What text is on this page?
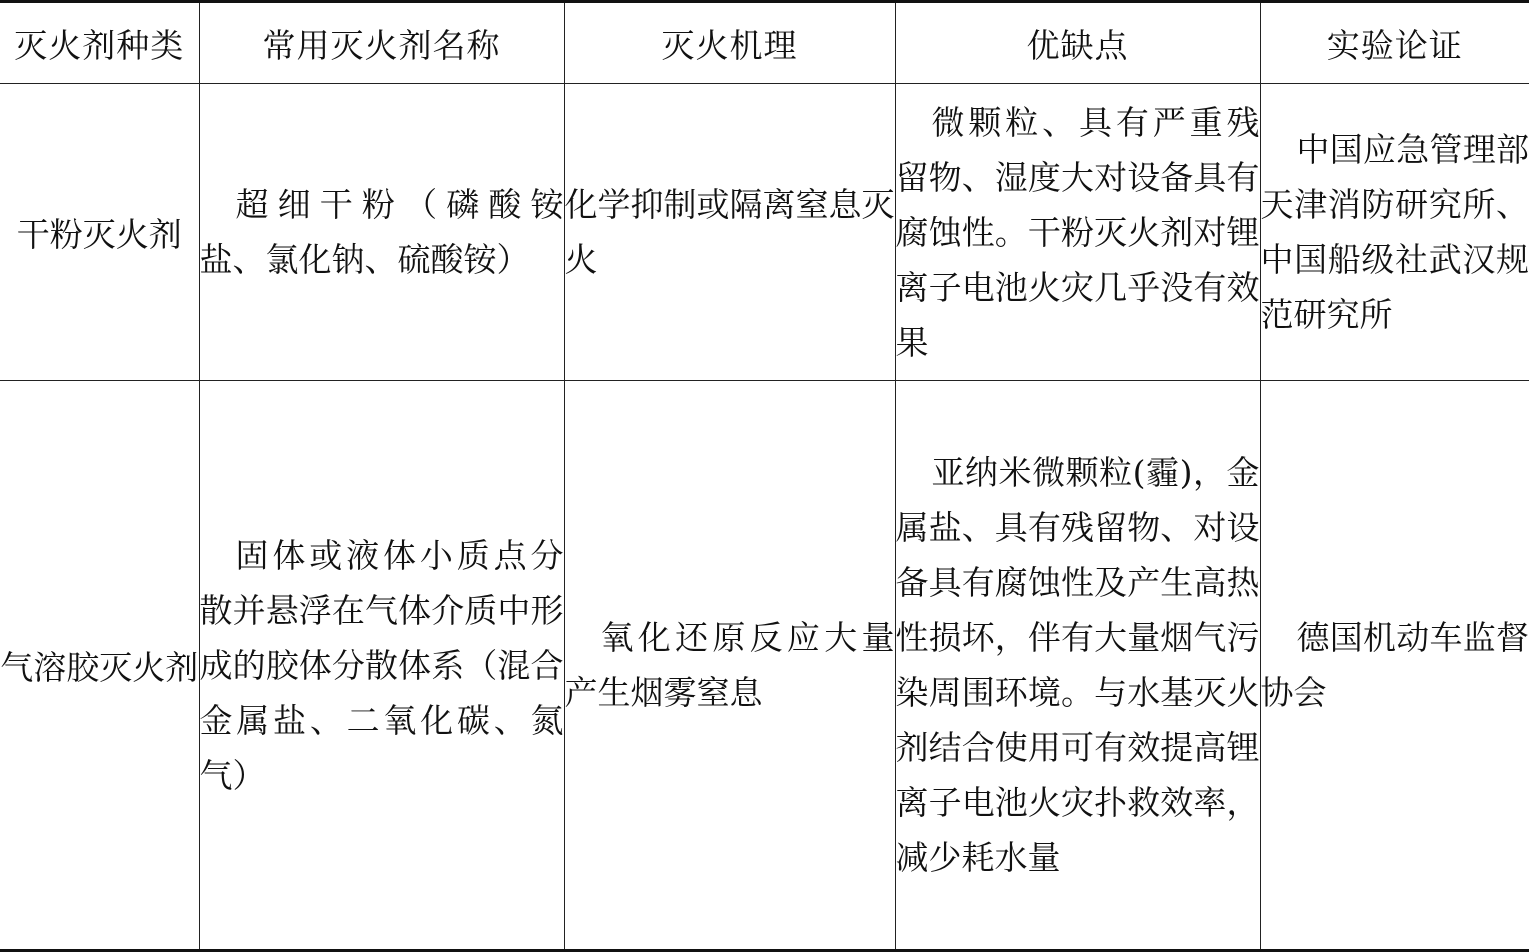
灭火剂种类	常用灭火剂名称	灭火机理	优缺点	实验论证
干粉灭火剂	超细干粉（磷酸铵盐、氯化钠、硫酸铵）	化学抑制或隔离窒息灭火	微颗粒、具有严重残留物、湿度大对设备具有腐蚀性。干粉灭火剂对锂离子电池火灾几乎没有效果	中国应急管理部天津消防研究所、中国船级社武汉规范研究所
气溶胶灭火剂	固体或液体小质点分散并悬浮在气体介质中形成的胶体分散体系（混合金属盐、二氧化碳、氮气）	氧化还原反应大量产生烟雾窒息	亚纳米微颗粒(霾)，金属盐、具有残留物、对设备具有腐蚀性及产生高热性损坏，伴有大量烟气污染周围环境。与水基灭火剂结合使用可有效提高锂离子电池火灾扑救效率，减少耗水量	德国机动车监督协会
